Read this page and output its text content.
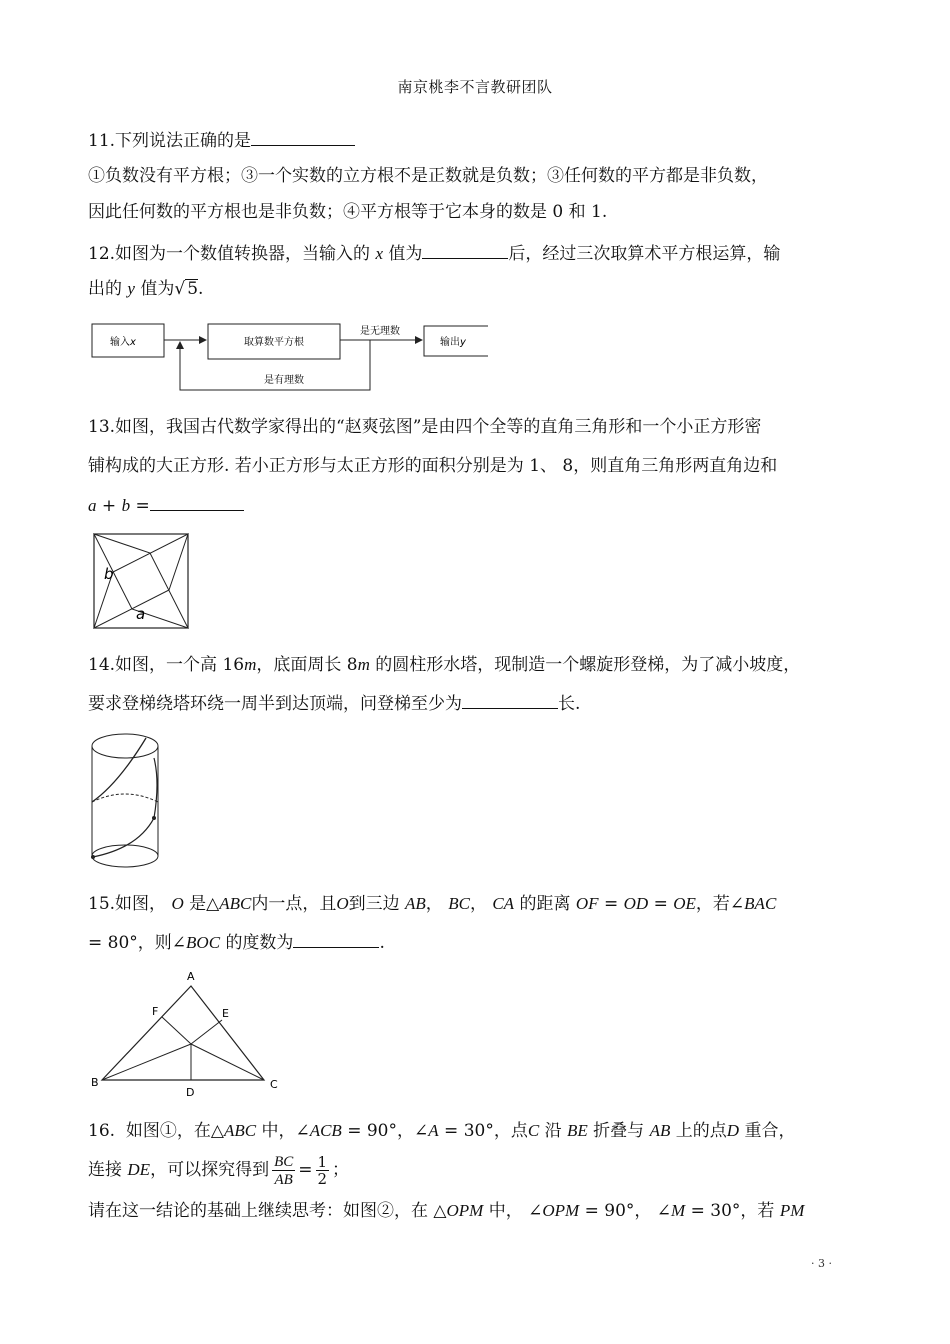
南京桃李不言教研团队
11.下列说法正确的是
①负数没有平方根；③一个实数的立方根不是正数就是负数；③任何数的平方都是非负数，
因此任何数的平方根也是非负数；④平方根等于它本身的数是 0 和 1.
12.如图为一个数值转换器，当输入的 x 值为	后，经过三次取算术平方根运算，输
出的 y 值为√ 5.
输入x	取算数平方根
是无理数
输出y
是有理数
13.如图，我国古代数学家得出的“赵爽弦图”是由四个全等的直角三角形和一个小正方形密
铺构成的大正方形. 若小正方形与太正方形的面积分别是为 1、 8，则直角三角形两直角边和
a + b =
b
a
14.如图，一个高 16m，底面周长 8m 的圆柱形水塔，现制造一个螺旋形登梯，为了减小坡度，
要求登梯绕塔环绕一周半到达顶端，问登梯至少为	长.
15.如图， O 是△ABC内一点，且O到三边 AB， BC， CA 的距离 OF = OD = OE，若∠BAC
= 80°，则∠BOC 的度数为	.
A
B	C
D
E
F
16. 如图①，在△ABC 中，∠ACB = 90°，∠A = 30°，点C 沿 BE 折叠与 AB 上的点D 重合，
连接 DE，可以探究得到 $\frac{BC}{AB} = \frac{1}{2}$ ；
请在这一结论的基础上继续思考：如图②，在 △OPM 中， ∠OPM = 90°， ∠M = 30°，若 PM
· 3 ·
